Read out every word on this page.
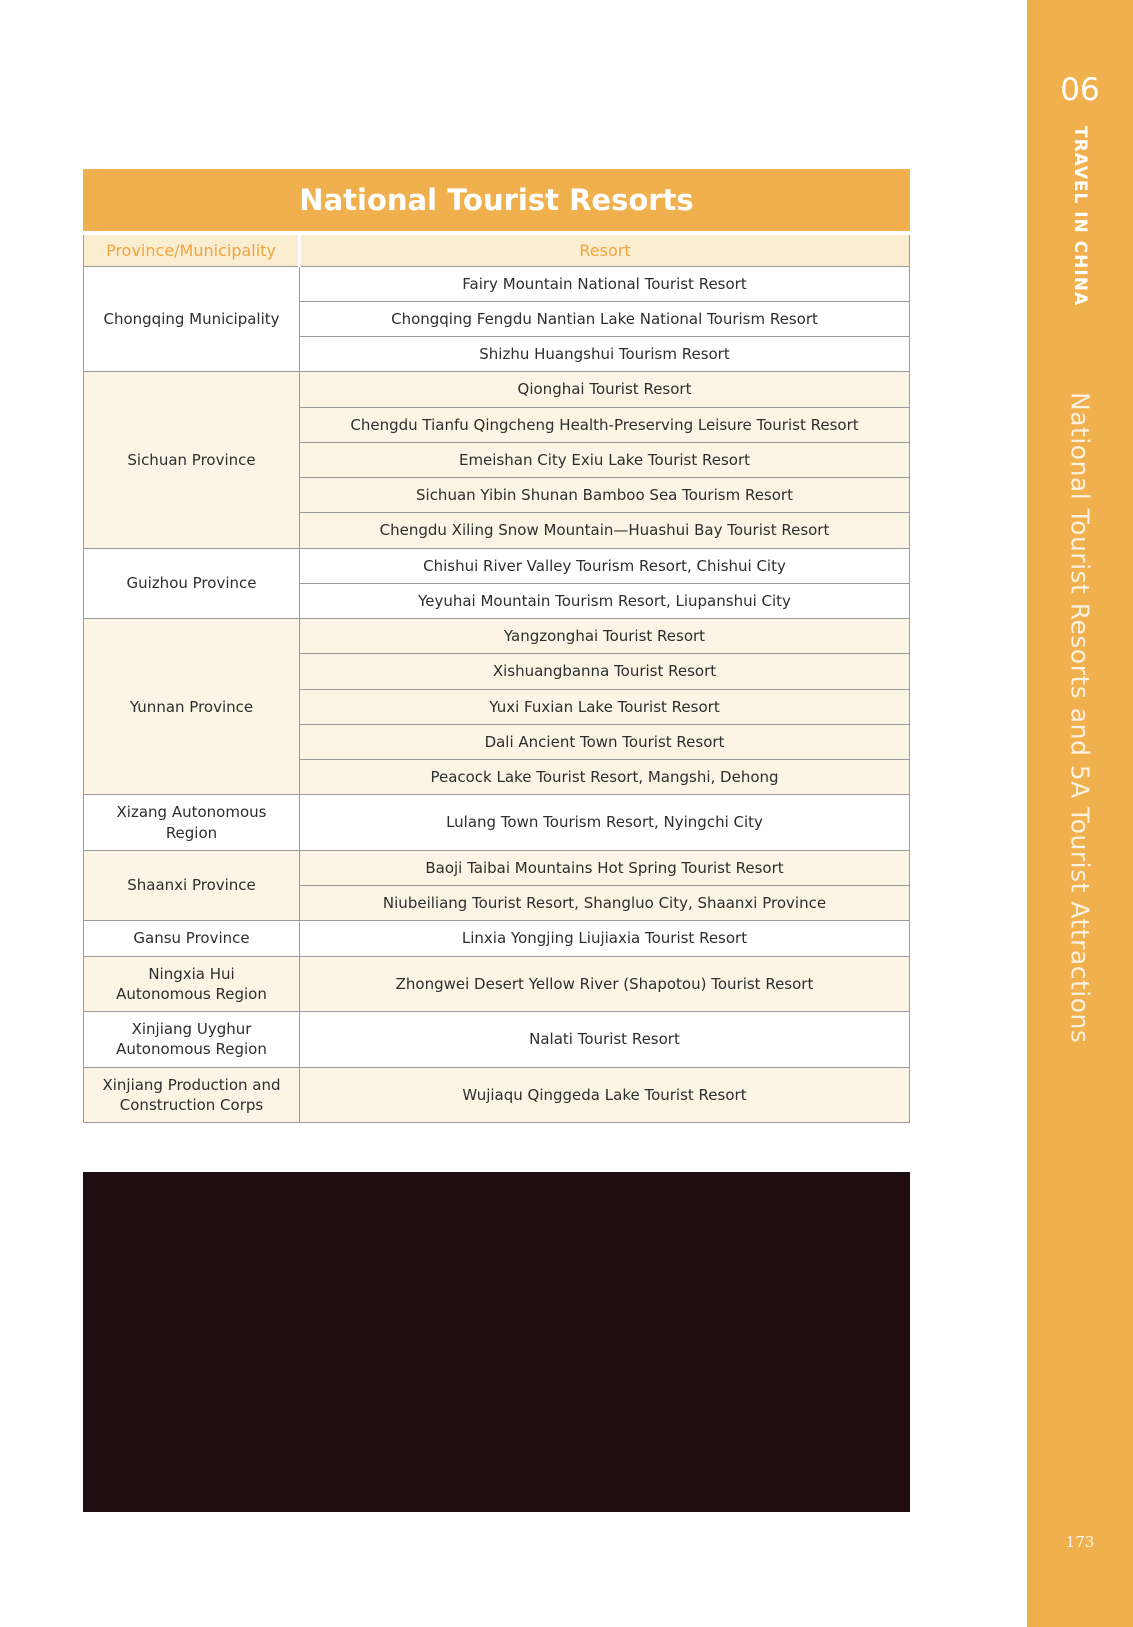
National Tourist Resorts
Province/Municipality	Resort
Chongqing Municipality	Fairy Mountain National Tourist Resort
	Chongqing Fengdu Nantian Lake National Tourism Resort
	Shizhu Huangshui Tourism Resort
Sichuan Province	Qionghai Tourist Resort
	Chengdu Tianfu Qingcheng Health-Preserving Leisure Tourist Resort
	Emeishan City Exiu Lake Tourist Resort
	Sichuan Yibin Shunan Bamboo Sea Tourism Resort
	Chengdu Xiling Snow Mountain—Huashui Bay Tourist Resort
Guizhou Province	Chishui River Valley Tourism Resort, Chishui City
	Yeyuhai Mountain Tourism Resort, Liupanshui City
Yunnan Province	Yangzonghai Tourist Resort
	Xishuangbanna Tourist Resort
	Yuxi Fuxian Lake Tourist Resort
	Dali Ancient Town Tourist Resort
	Peacock Lake Tourist Resort, Mangshi, Dehong
Xizang Autonomous Region	Lulang Town Tourism Resort, Nyingchi City
Shaanxi Province	Baoji Taibai Mountains Hot Spring Tourist Resort
	Niubeiliang Tourist Resort, Shangluo City, Shaanxi Province
Gansu Province	Linxia Yongjing Liujiaxia Tourist Resort
Ningxia Hui Autonomous Region	Zhongwei Desert Yellow River (Shapotou) Tourist Resort
Xinjiang Uyghur Autonomous Region	Nalati Tourist Resort
Xinjiang Production and Construction Corps	Wujiaqu Qinggeda Lake Tourist Resort
06
TRAVEL IN CHINA
National Tourist Resorts and 5A Tourist Attractions
173
